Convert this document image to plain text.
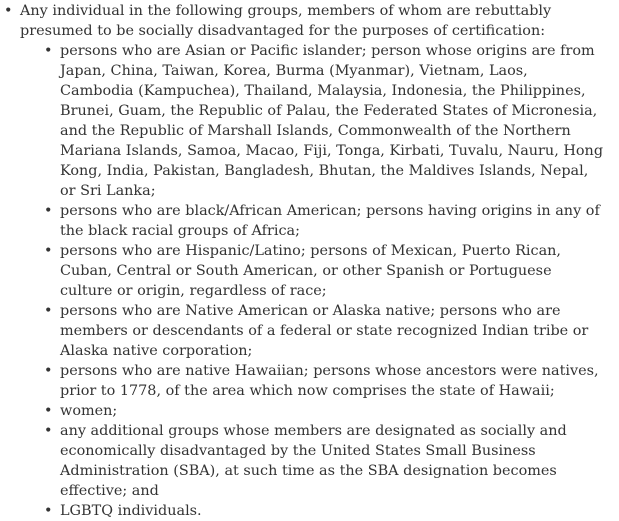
• Any individual in the following groups, members of whom are rebuttably presumed to be socially disadvantaged for the purposes of certification:
• persons who are Asian or Pacific islander; person whose origins are from Japan, China, Taiwan, Korea, Burma (Myanmar), Vietnam, Laos, Cambodia (Kampuchea), Thailand, Malaysia, Indonesia, the Philippines, Brunei, Guam, the Republic of Palau, the Federated States of Micronesia, and the Republic of Marshall Islands, Commonwealth of the Northern Mariana Islands, Samoa, Macao, Fiji, Tonga, Kirbati, Tuvalu, Nauru, Hong Kong, India, Pakistan, Bangladesh, Bhutan, the Maldives Islands, Nepal, or Sri Lanka;
• persons who are black/African American; persons having origins in any of the black racial groups of Africa;
• persons who are Hispanic/Latino; persons of Mexican, Puerto Rican, Cuban, Central or South American, or other Spanish or Portuguese culture or origin, regardless of race;
• persons who are Native American or Alaska native; persons who are members or descendants of a federal or state recognized Indian tribe or Alaska native corporation;
• persons who are native Hawaiian; persons whose ancestors were natives, prior to 1778, of the area which now comprises the state of Hawaii;
• women;
• any additional groups whose members are designated as socially and economically disadvantaged by the United States Small Business Administration (SBA), at such time as the SBA designation becomes effective; and
• LGBTQ individuals.
